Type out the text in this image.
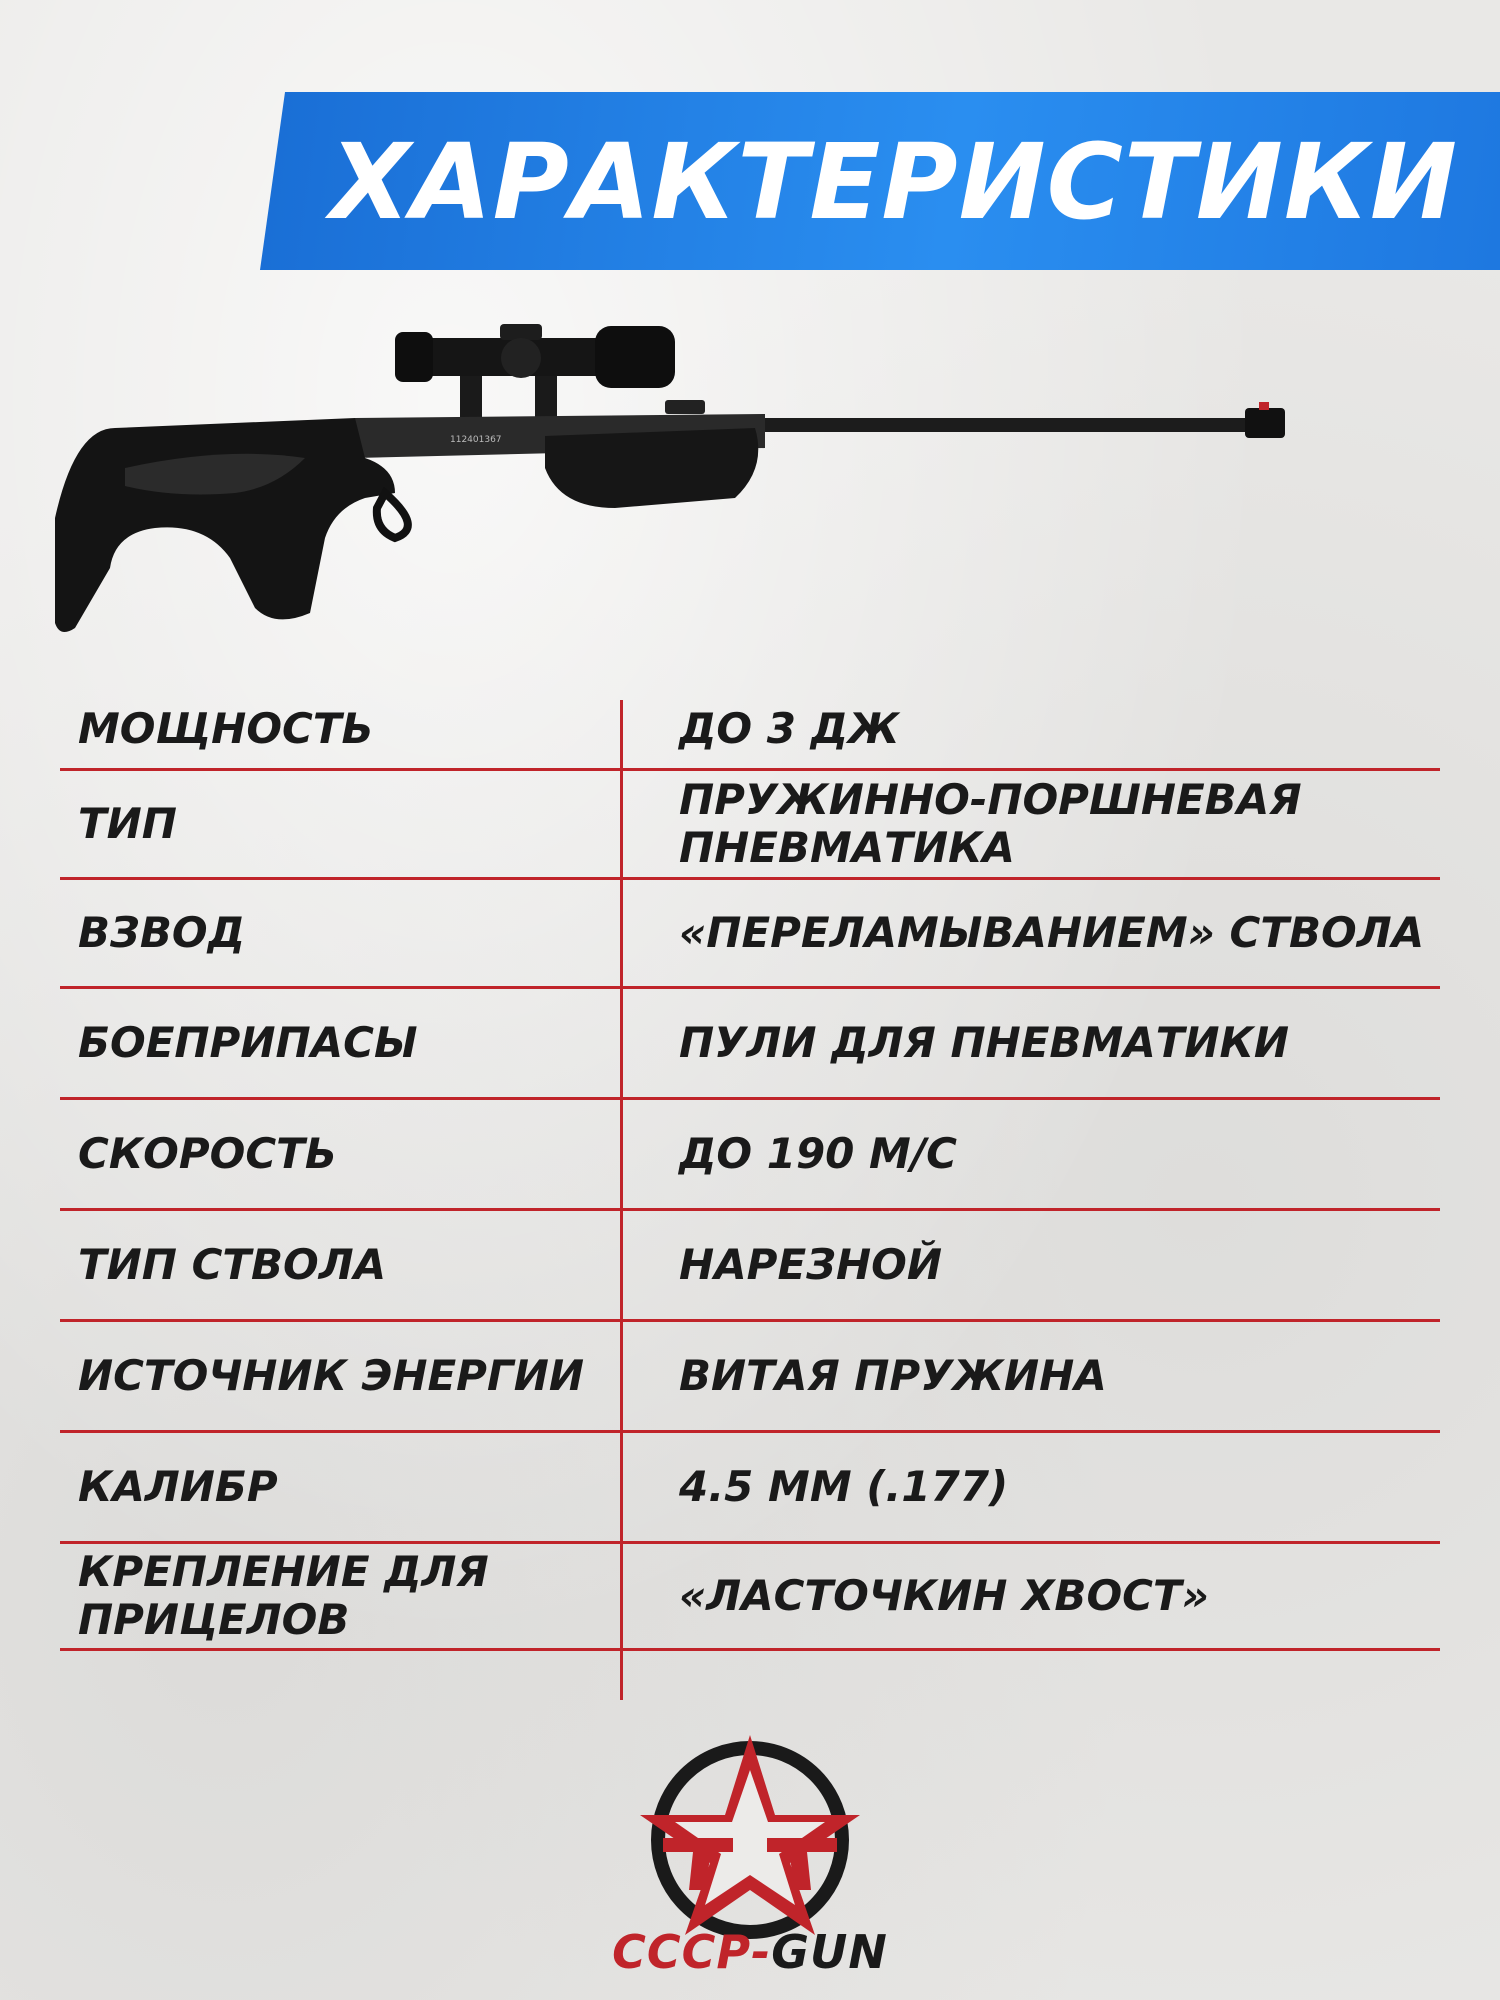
ХАРАКТЕРИСТИКИ
112401367
МОЩНОСТЬ	ДО 3 ДЖ
ТИП	ПРУЖИННО-ПОРШНЕВАЯ
ПНЕВМАТИКА
ВЗВОД	«ПЕРЕЛАМЫВАНИЕМ» СТВОЛА
БОЕПРИПАСЫ	ПУЛИ ДЛЯ ПНЕВМАТИКИ
СКОРОСТЬ	ДО 190 М/С
ТИП СТВОЛА	НАРЕЗНОЙ
ИСТОЧНИК ЭНЕРГИИ	ВИТАЯ ПРУЖИНА
КАЛИБР	4.5 ММ (.177)
КРЕПЛЕНИЕ ДЛЯ
ПРИЦЕЛОВ	«ЛАСТОЧКИН ХВОСТ»
СССР-GUN
